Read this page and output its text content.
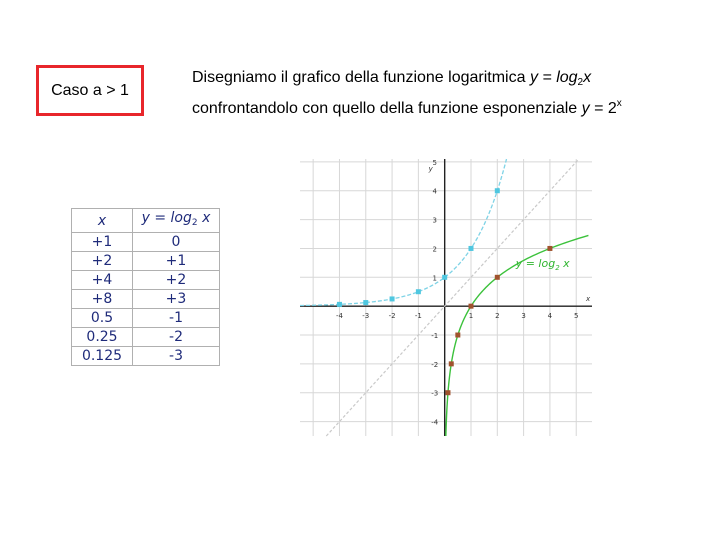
Caso a > 1
Disegniamo il grafico della funzione logaritmica $y = \log_2x$
confrontandolo con quello della funzione esponenziale $y = 2^x$
x	$y = \log_2 x$
+1	0
+2	+1
+4	+2
+8	+3
0.5	-1
0.25	-2
0.125	-3
-4	-3	-2	-1	1	2	3	4	5
5
4
3
2
1
-1
-2
-3
-4
x
y
$y = \log_2 x$
